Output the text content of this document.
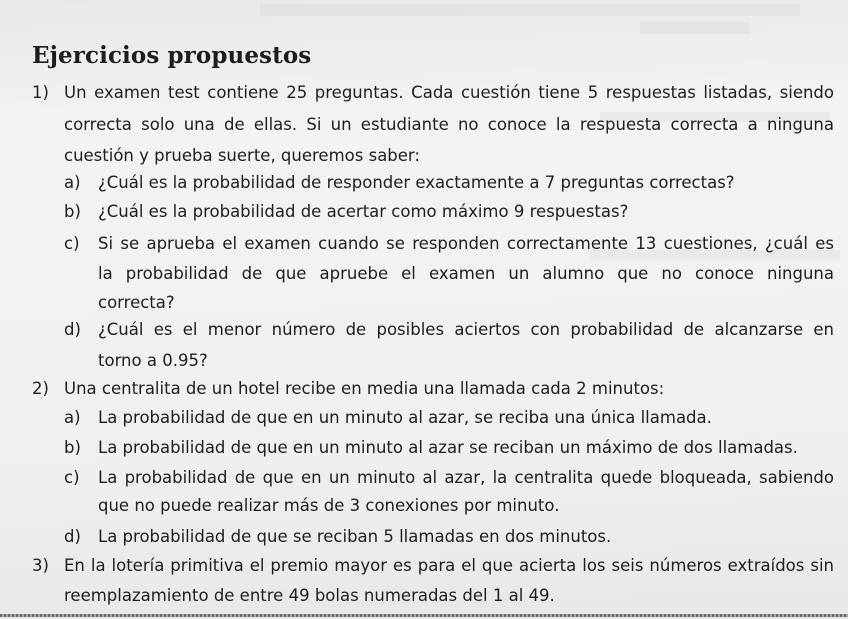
Ejercicios propuestos
1) Un examen test contiene 25 preguntas. Cada cuestión tiene 5 respuestas listadas, siendo
correcta solo una de ellas. Si un estudiante no conoce la respuesta correcta a ninguna
cuestión y prueba suerte, queremos saber:
a) ¿Cuál es la probabilidad de responder exactamente a 7 preguntas correctas?
b) ¿Cuál es la probabilidad de acertar como máximo 9 respuestas?
c) Si se aprueba el examen cuando se responden correctamente 13 cuestiones, ¿cuál es
la probabilidad de que apruebe el examen un alumno que no conoce ninguna
correcta?
d) ¿Cuál es el menor número de posibles aciertos con probabilidad de alcanzarse en
torno a 0.95?
2) Una centralita de un hotel recibe en media una llamada cada 2 minutos:
a) La probabilidad de que en un minuto al azar, se reciba una única llamada.
b) La probabilidad de que en un minuto al azar se reciban un máximo de dos llamadas.
c) La probabilidad de que en un minuto al azar, la centralita quede bloqueada, sabiendo
que no puede realizar más de 3 conexiones por minuto.
d) La probabilidad de que se reciban 5 llamadas en dos minutos.
3) En la lotería primitiva el premio mayor es para el que acierta los seis números extraídos sin
reemplazamiento de entre 49 bolas numeradas del 1 al 49.
